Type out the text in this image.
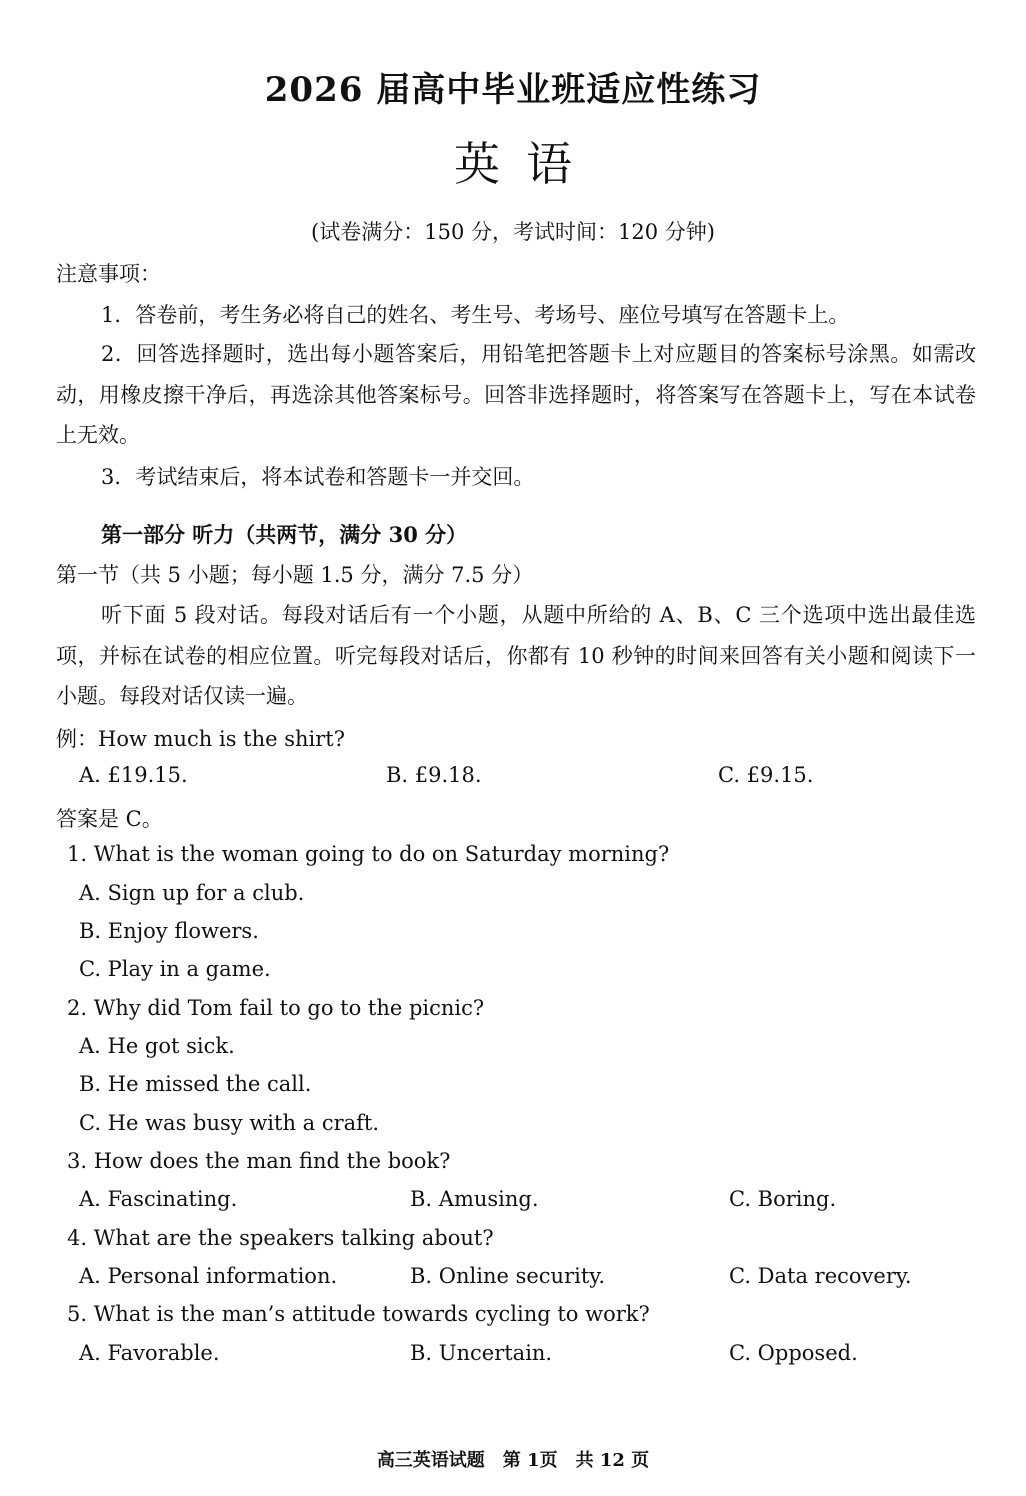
2026 届高中毕业班适应性练习
英语
(试卷满分：150 分，考试时间：120 分钟)
注意事项：
1．答卷前，考生务必将自己的姓名、考生号、考场号、座位号填写在答题卡上。
2．回答选择题时，选出每小题答案后，用铅笔把答题卡上对应题目的答案标号涂黑。如需改动，用橡皮擦干净后，再选涂其他答案标号。回答非选择题时，将答案写在答题卡上，写在本试卷上无效。
3．考试结束后，将本试卷和答题卡一并交回。
第一部分 听力（共两节，满分 30 分）
第一节（共 5 小题；每小题 1.5 分，满分 7.5 分）
听下面 5 段对话。每段对话后有一个小题，从题中所给的 A、B、C 三个选项中选出最佳选项，并标在试卷的相应位置。听完每段对话后，你都有 10 秒钟的时间来回答有关小题和阅读下一小题。每段对话仅读一遍。
例：How much is the shirt?
A. £19.15.	B. £9.18.	C. £9.15.
答案是 C。
1. What is the woman going to do on Saturday morning?
A. Sign up for a club.
B. Enjoy flowers.
C. Play in a game.
2. Why did Tom fail to go to the picnic?
A. He got sick.
B. He missed the call.
C. He was busy with a craft.
3. How does the man find the book?
A. Fascinating.	B. Amusing.	C. Boring.
4. What are the speakers talking about?
A. Personal information.	B. Online security.	C. Data recovery.
5. What is the man’s attitude towards cycling to work?
A. Favorable.	B. Uncertain.	C. Opposed.
高三英语试题　第 1页　共 12 页
